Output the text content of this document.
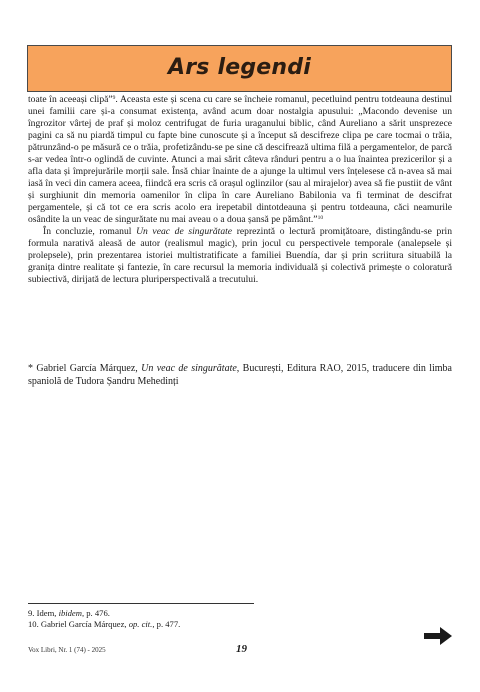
Ars legendi

toate în aceeași clipă”$^9$. Aceasta este și scena cu care se încheie romanul, pecetluind pentru totdeauna destinul unei familii care și-a consumat existența, având acum doar nostalgia apusului: „Macondo devenise un îngrozitor vârtej de praf și moloz centrifugat de furia uraganului biblic, când Aureliano a sărit unsprezece pagini ca să nu piardă timpul cu fapte bine cunoscute și a început să descifreze clipa pe care tocmai o trăia, pătrunzând-o pe măsură ce o trăia, profetizându-se pe sine că descifrează ultima filă a pergamentelor, de parcă s-ar vedea într-o oglindă de cuvinte. Atunci a mai sărit câteva rânduri pentru a o lua înaintea prezicerilor și a afla data și împrejurările morții sale. Însă chiar înainte de a ajunge la ultimul vers înțelesese că n-avea să mai iasă în veci din camera aceea, fiindcă era scris că orașul oglinzilor (sau al mirajelor) avea să fie pustiit de vânt și surghiunit din memoria oamenilor în clipa în care Aureliano Babilonia va fi terminat de descifrat pergamentele, și că tot ce era scris acolo era irepetabil dintotdeauna și pentru totdeauna, căci neamurile osândite la un veac de singurătate nu mai aveau o a doua șansă pe pământ.”$^{10}$

În concluzie, romanul Un veac de singurătate reprezintă o lectură promițătoare, distingându-se prin formula narativă aleasă de autor (realismul magic), prin jocul cu perspectivele temporale (analepsele și prolepsele), prin prezentarea istoriei multistratificate a familiei Buendía, dar și prin scriitura situabilă la granița dintre realitate și fantezie, în care recursul la memoria individuală și colectivă primește o coloratură subiectivă, dirijată de lectura pluriperspectivală a trecutului.

* Gabriel García Márquez, Un veac de singurătate, București, Editura RAO, 2015, traducere din limba spaniolă de Tudora Șandru Mehedinți
9. Idem, ibidem, p. 476.
10. Gabriel García Márquez, op. cit., p. 477.
Vox Libri, Nr. 1 (74) - 2025	19
